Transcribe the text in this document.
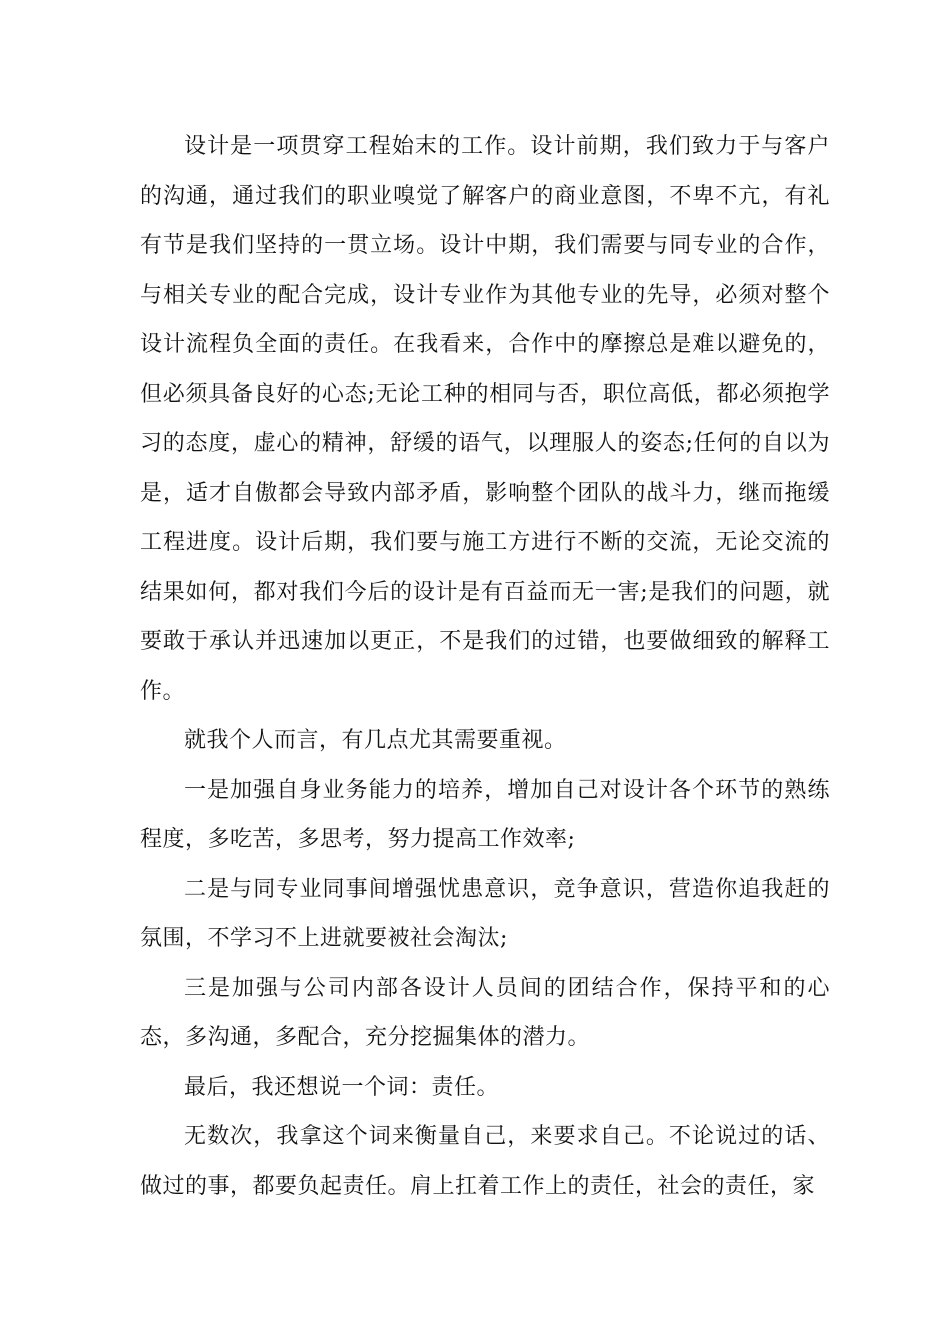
设计是一项贯穿工程始末的工作。设计前期，我们致力于与客户的沟通，通过我们的职业嗅觉了解客户的商业意图，不卑不亢，有礼有节是我们坚持的一贯立场。设计中期，我们需要与同专业的合作，与相关专业的配合完成，设计专业作为其他专业的先导，必须对整个设计流程负全面的责任。在我看来，合作中的摩擦总是难以避免的，但必须具备良好的心态;无论工种的相同与否，职位高低，都必须抱学习的态度，虚心的精神，舒缓的语气，以理服人的姿态;任何的自以为是，适才自傲都会导致内部矛盾，影响整个团队的战斗力，继而拖缓工程进度。设计后期，我们要与施工方进行不断的交流，无论交流的结果如何，都对我们今后的设计是有百益而无一害;是我们的问题，就要敢于承认并迅速加以更正，不是我们的过错，也要做细致的解释工作。

就我个人而言，有几点尤其需要重视。

一是加强自身业务能力的培养，增加自己对设计各个环节的熟练程度，多吃苦，多思考，努力提高工作效率;

二是与同专业同事间增强忧患意识，竞争意识，营造你追我赶的氛围，不学习不上进就要被社会淘汰;

三是加强与公司内部各设计人员间的团结合作，保持平和的心态，多沟通，多配合，充分挖掘集体的潜力。

最后，我还想说一个词：责任。

无数次，我拿这个词来衡量自己，来要求自己。不论说过的话、做过的事，都要负起责任。肩上扛着工作上的责任，社会的责任，家
